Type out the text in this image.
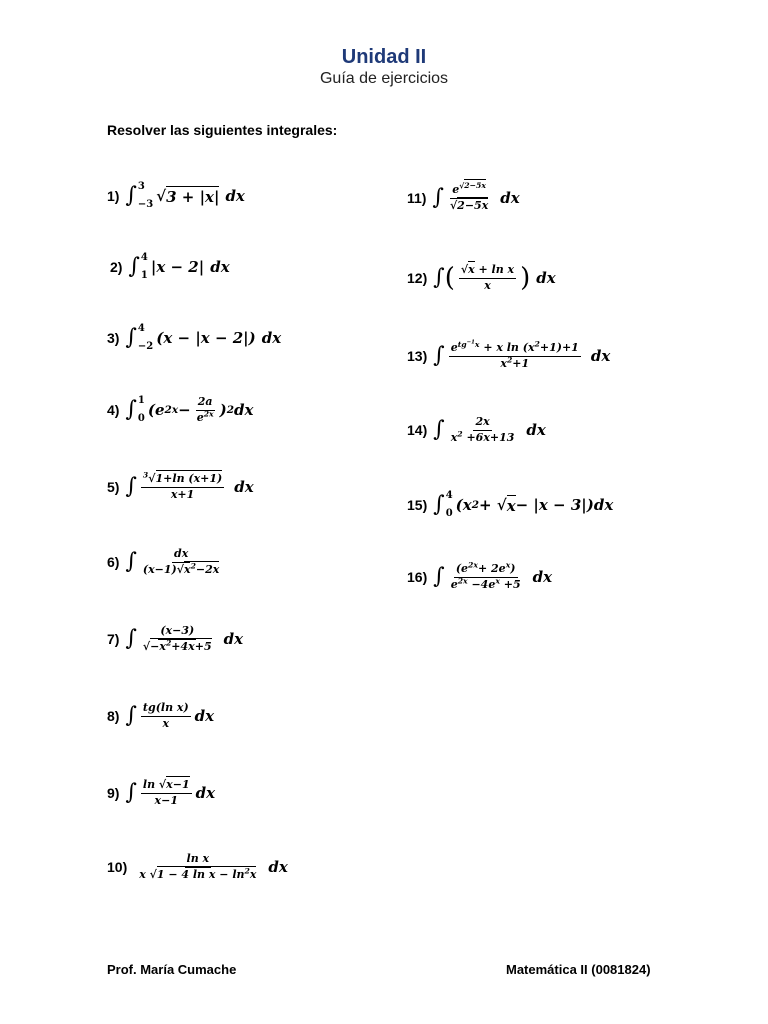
Unidad II
Guía de ejercicios
Resolver las siguientes integrales:
1) ∫ 3
−3 √ 3 + |x| dx
2) ∫ 4
1 |x − 2| dx
3) ∫ 4
−2 (x − |x − 2|) dx
4) ∫ 1
0 (e $2x - \frac{2a}{e^{2x}}$ ) 2 dx
5) ∫ $\frac{^3√1+\ln (x+1)}{x+1}$ dx
6) ∫ $\frac{dx}{(x-1)√x^2-2x}$
7) ∫ $\frac{(x-3)}{√-x^2+4x+5}$ dx
8) ∫ $\frac{\text{tg(ln x)}}{x}$ dx
9) ∫ $\frac{\ln √x-1}{x-1}$ dx
$10) \frac{\text{ln x}}{x √1 - 4 \ln x - \ln^2x}$ dx
11) ∫ $\frac{e^{√2-5x}}{√2-5x}$ dx
12) ∫ ( $\frac{\text{√x + ln x}}{x}$ ) dx
13) ∫ $\frac{e^{tg^{-1}x} + x \ln (x^2+1)+1}{x^2+1}$ dx
14) ∫ $\frac{2x}{x^2 +6x+13}$ dx
15) ∫ 4
0 (x 2 + √ x − |x − 3|)dx
16) ∫ $\frac{(e^{2x}+ 2e^x)}{e^{2x} -4e^x +5}$ dx
Prof. María Cumache	Matemática II (0081824)
